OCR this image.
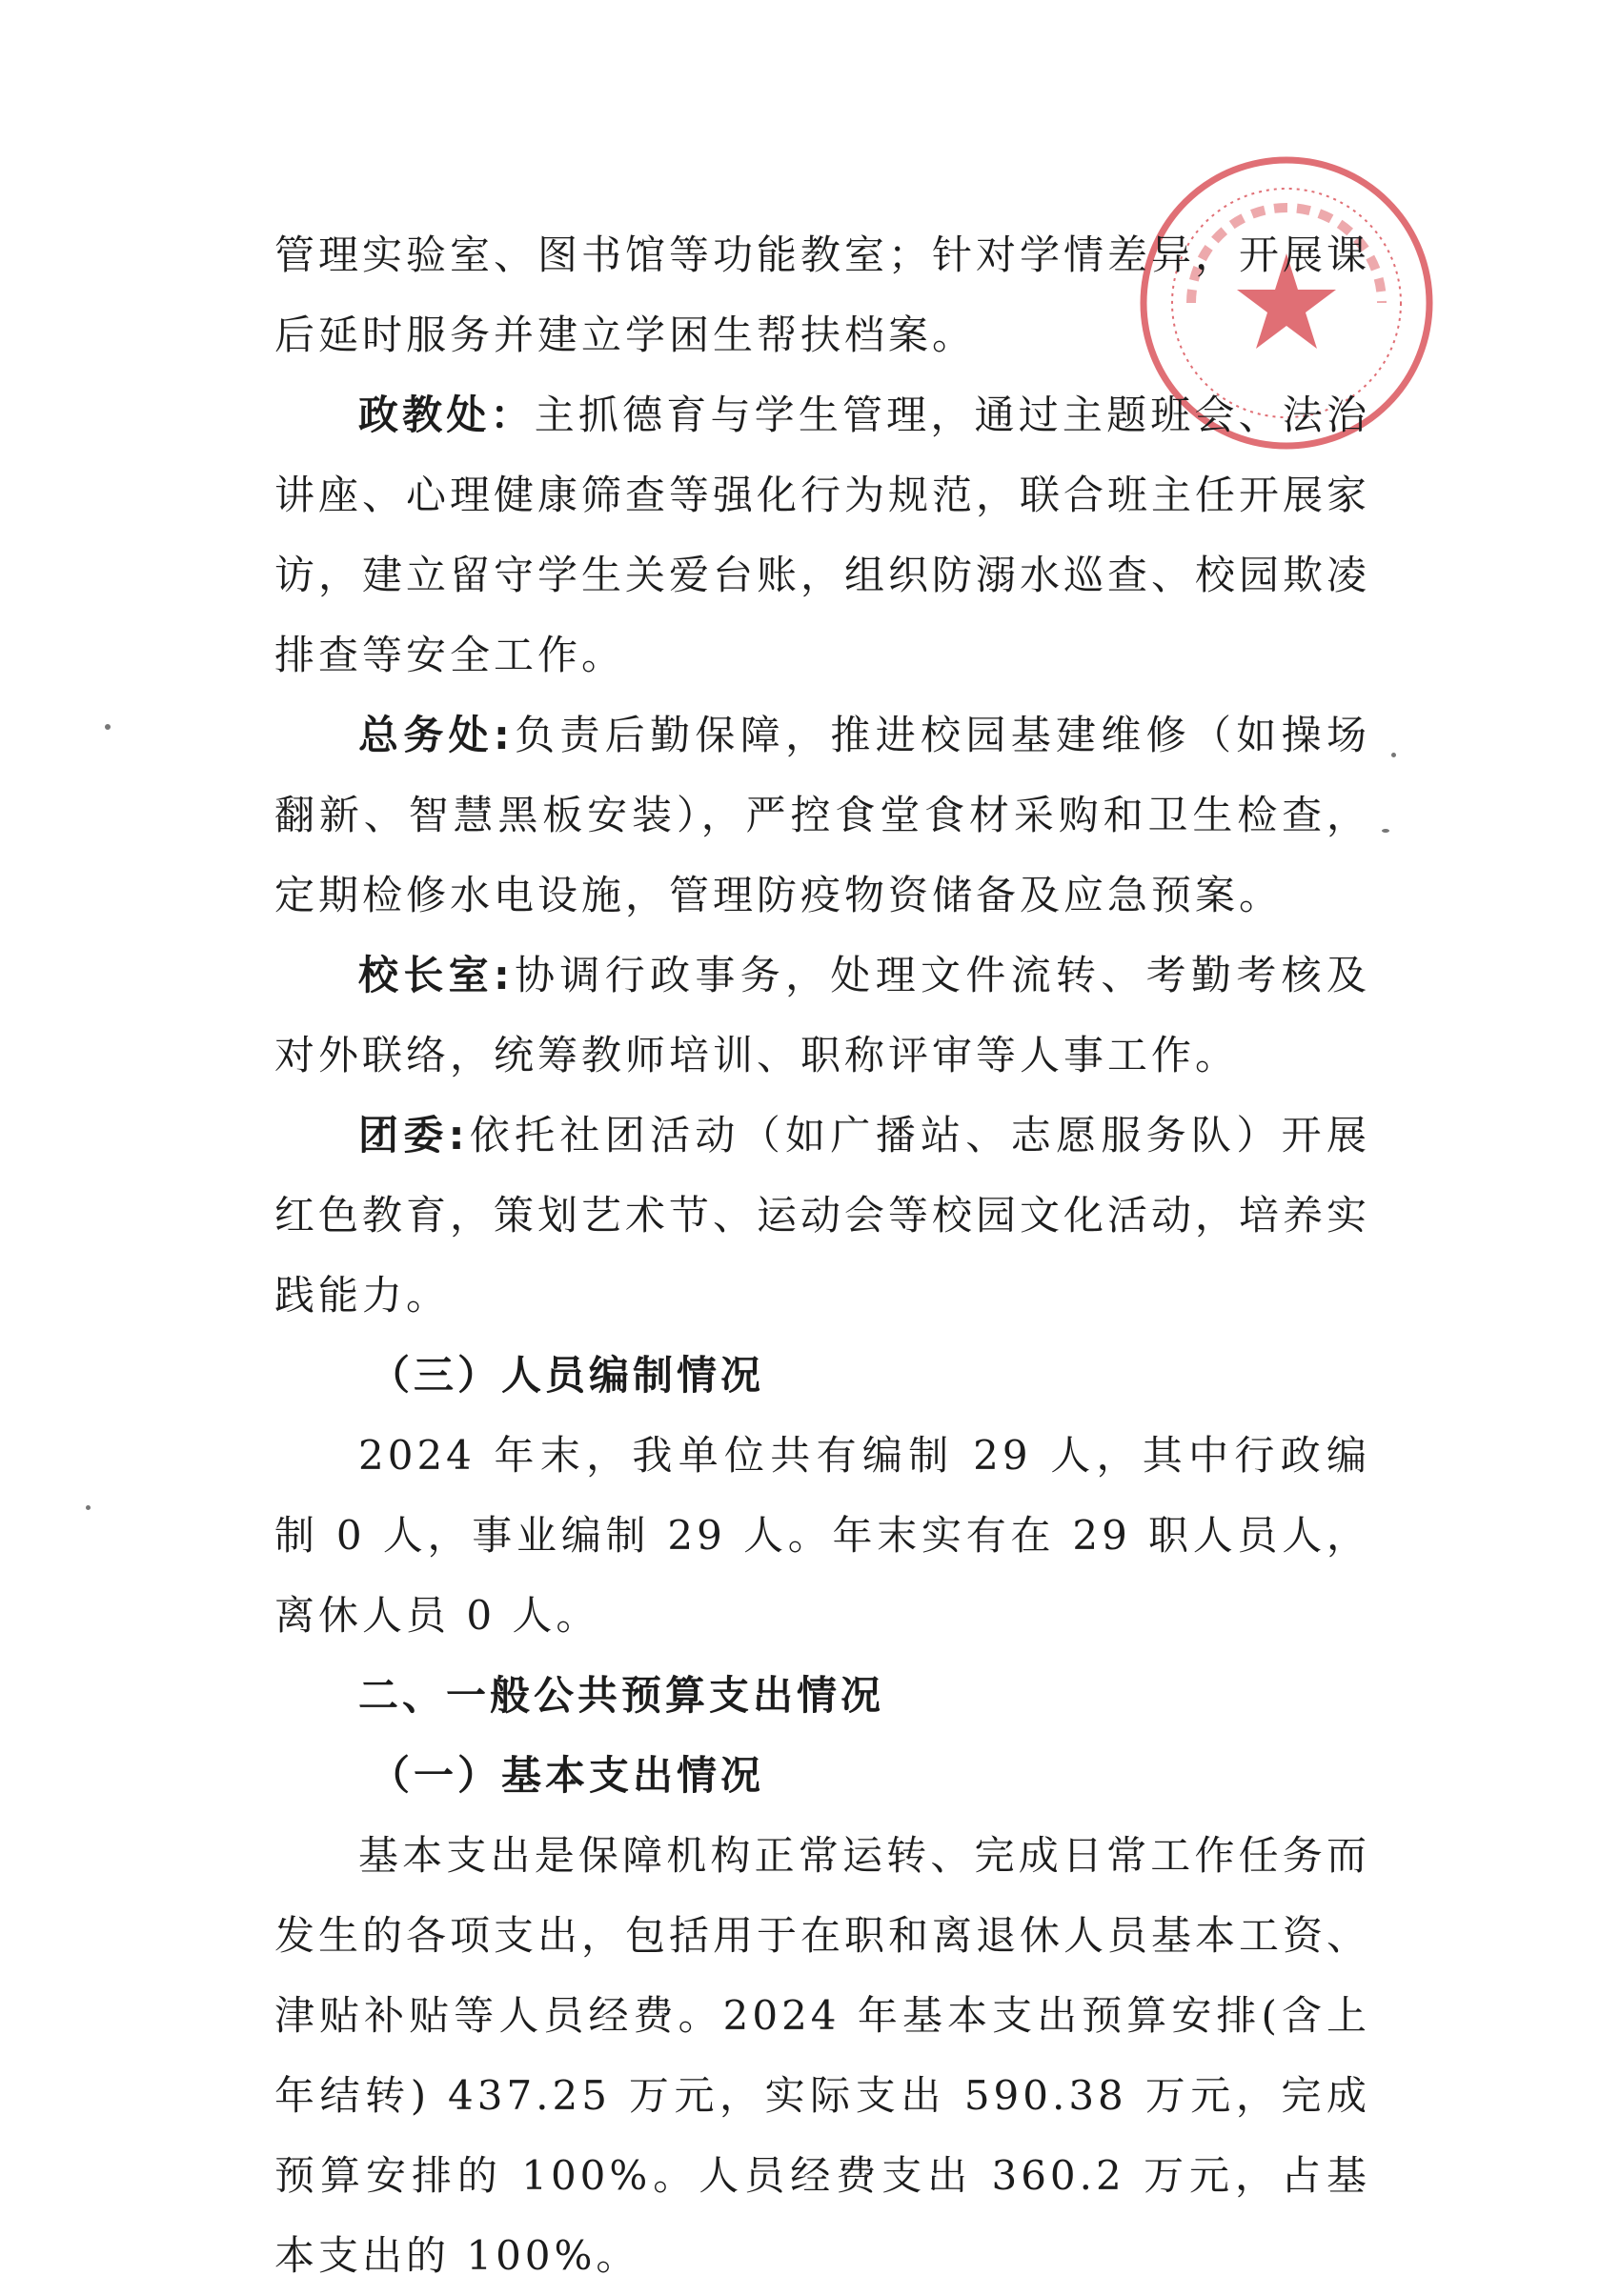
管理实验室、图书馆等功能教室；针对学情差异，开展课后延时服务并建立学困生帮扶档案。

政教处：主抓德育与学生管理，通过主题班会、法治讲座、心理健康筛查等强化行为规范，联合班主任开展家访，建立留守学生关爱台账，组织防溺水巡查、校园欺凌排查等安全工作。

总务处:负责后勤保障，推进校园基建维修（如操场翻新、智慧黑板安装），严控食堂食材采购和卫生检查，定期检修水电设施，管理防疫物资储备及应急预案。

校长室:协调行政事务，处理文件流转、考勤考核及对外联络，统筹教师培训、职称评审等人事工作。

团委:依托社团活动（如广播站、志愿服务队）开展红色教育，策划艺术节、运动会等校园文化活动，培养实践能力。

（三）人员编制情况

2024 年末，我单位共有编制 29 人，其中行政编制 0 人，事业编制 29 人。年末实有在 29 职人员人，离休人员 0 人。

二、一般公共预算支出情况

（一）基本支出情况

基本支出是保障机构正常运转、完成日常工作任务而发生的各项支出，包括用于在职和离退休人员基本工资、津贴补贴等人员经费。2024 年基本支出预算安排(含上年结转) 437.25 万元，实际支出 590.38 万元，完成预算安排的 100%。人员经费支出 360.2 万元，占基本支出的 100%。
